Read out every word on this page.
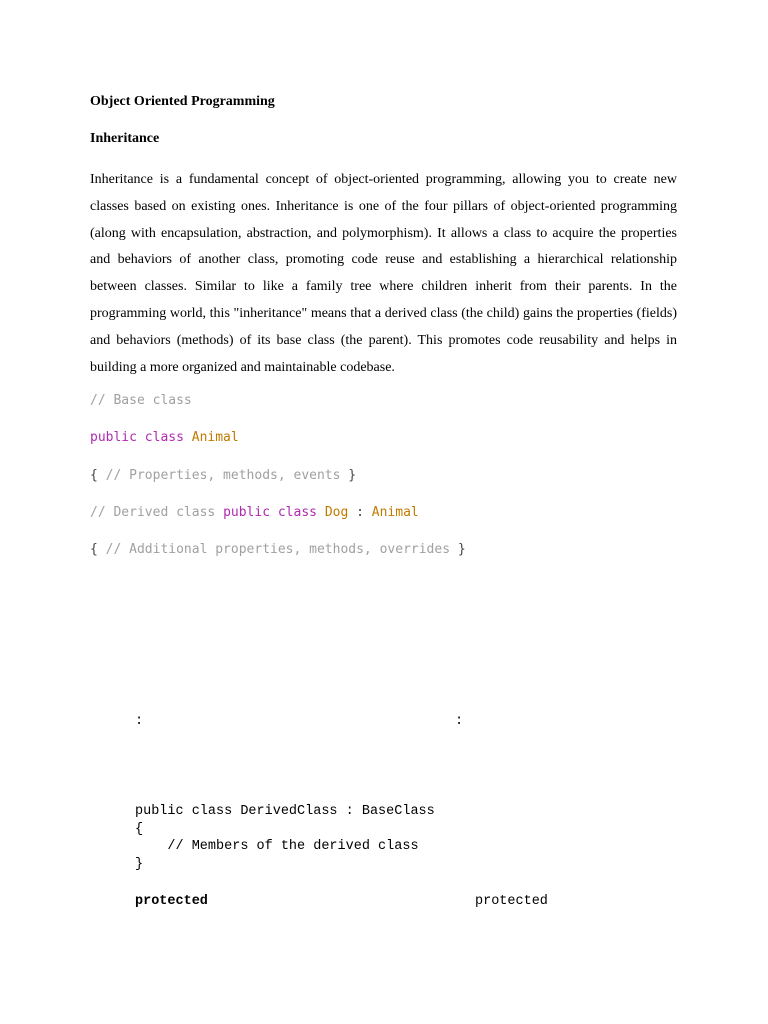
Object Oriented Programming

Inheritance

Inheritance is a fundamental concept of object-oriented programming, allowing you to create new classes based on existing ones. Inheritance is one of the four pillars of object-oriented programming (along with encapsulation, abstraction, and polymorphism). It allows a class to acquire the properties and behaviors of another class, promoting code reuse and establishing a hierarchical relationship between classes. Similar to like a family tree where children inherit from their parents. In the programming world, this "inheritance" means that a derived class (the child) gains the properties (fields) and behaviors (methods) of its base class (the parent). This promotes code reusability and helps in building a more organized and maintainable codebase.

// Base class
public class Animal
{ // Properties, methods, events }
// Derived class public class Dog : Animal
{ // Additional properties, methods, overrides }
:	:
public class DerivedClass : BaseClass
{
// Members of the derived class
}
protected	protected
